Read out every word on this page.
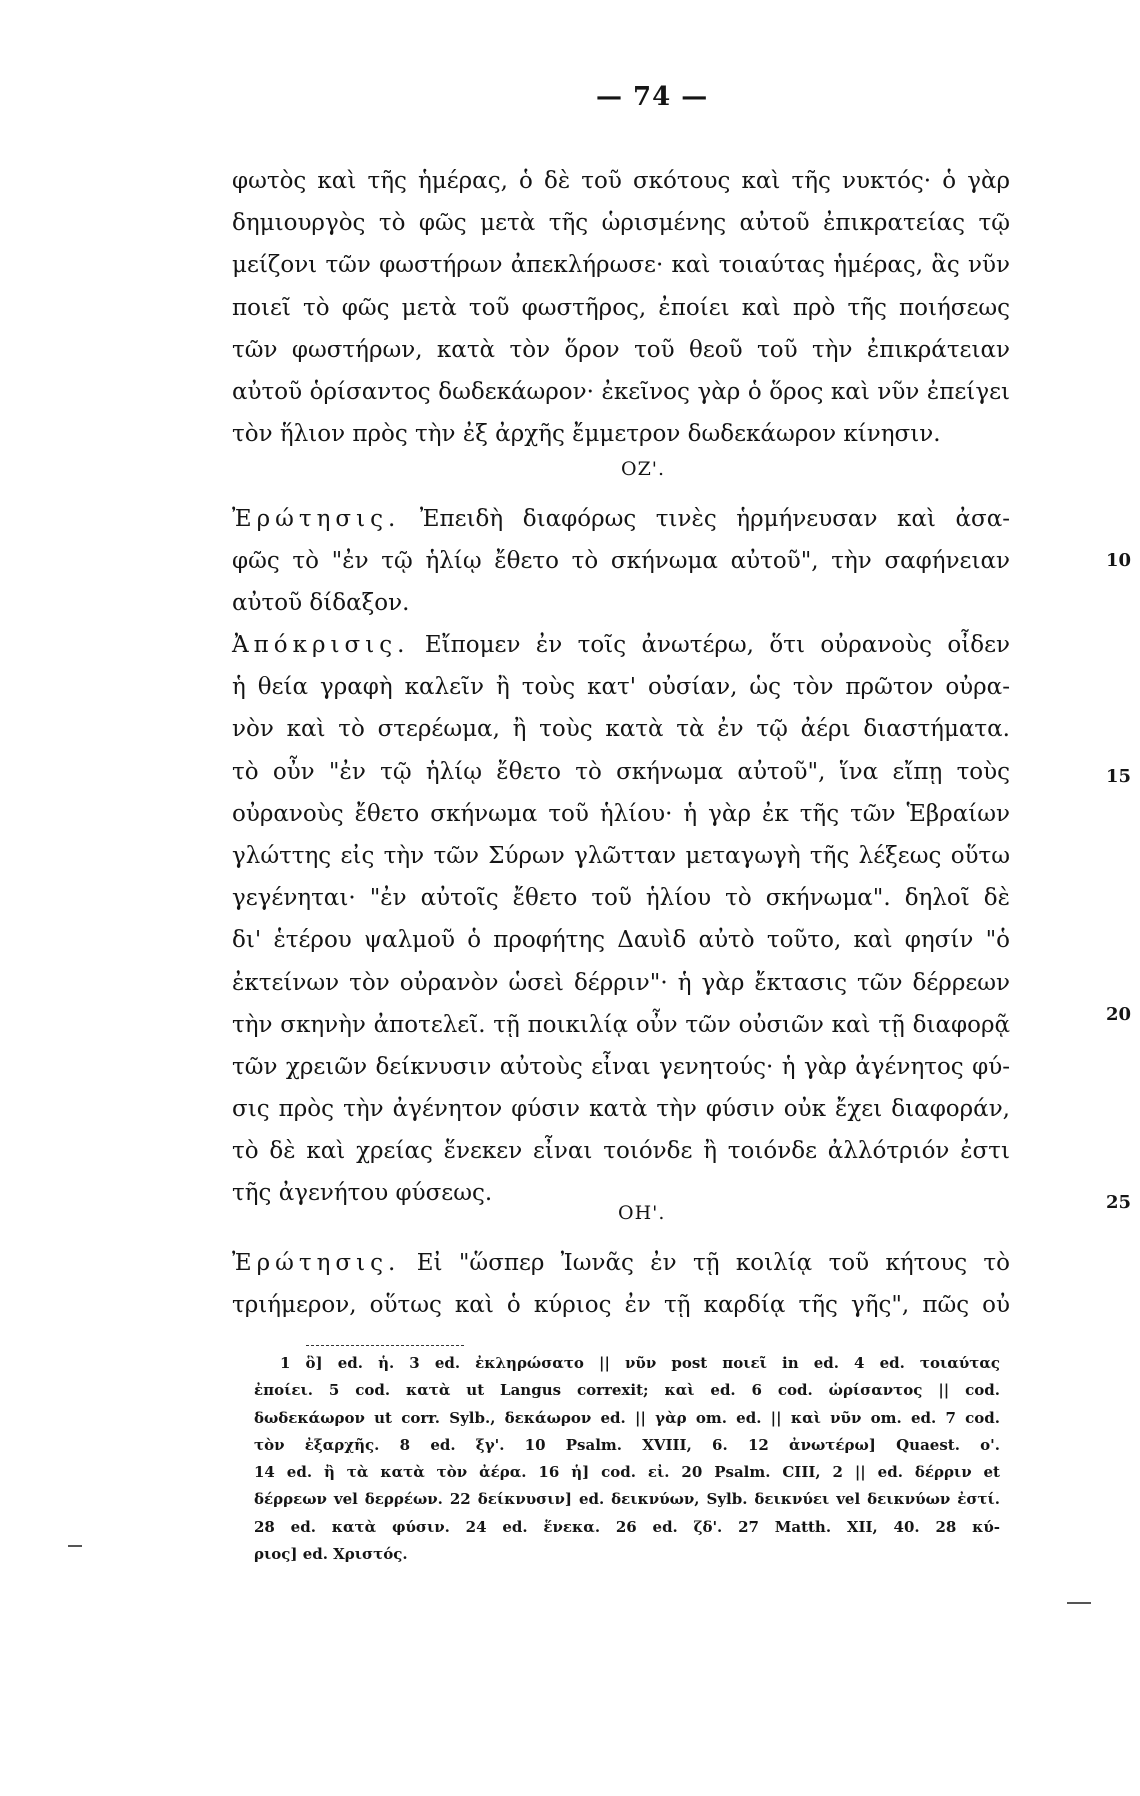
— 74 —
φωτὸς καὶ τῆς ἡμέρας, ὁ δὲ τοῦ σκότους καὶ τῆς νυκτός· ὁ γὰρ
δημιουργὸς τὸ φῶς μετὰ τῆς ὡρισμένης αὐτοῦ ἐπικρατείας τῷ
μείζονι τῶν φωστήρων ἀπεκλήρωσε· καὶ τοιαύτας ἡμέρας, ἃς νῦν
ποιεῖ τὸ φῶς μετὰ τοῦ φωστῆρος, ἐποίει καὶ πρὸ τῆς ποιήσεως
τῶν φωστήρων, κατὰ τὸν ὅρον τοῦ θεοῦ τοῦ τὴν ἐπικράτειαν
αὐτοῦ ὁρίσαντος δωδεκάωρον· ἐκεῖνος γὰρ ὁ ὅρος καὶ νῦν ἐπείγει
τὸν ἥλιον πρὸς τὴν ἐξ ἀρχῆς ἔμμετρον δωδεκάωρον κίνησιν.
ΟΖ'.
Ἐρώτησις. Ἐπειδὴ διαφόρως τινὲς ἡρμήνευσαν καὶ ἀσα-
φῶς τὸ "ἐν τῷ ἡλίῳ ἔθετο τὸ σκήνωμα αὐτοῦ", τὴν σαφήνειαν
αὐτοῦ δίδαξον.
Ἀπόκρισις. Εἴπομεν ἐν τοῖς ἀνωτέρω, ὅτι οὐρανοὺς οἶδεν
ἡ θεία γραφὴ καλεῖν ἢ τοὺς κατ' οὐσίαν, ὡς τὸν πρῶτον οὐρα-
νὸν καὶ τὸ στερέωμα, ἢ τοὺς κατὰ τὰ ἐν τῷ ἀέρι διαστήματα.
τὸ οὖν "ἐν τῷ ἡλίῳ ἔθετο τὸ σκήνωμα αὐτοῦ", ἵνα εἴπῃ τοὺς
οὐρανοὺς ἔθετο σκήνωμα τοῦ ἡλίου· ἡ γὰρ ἐκ τῆς τῶν Ἑβραίων
γλώττης εἰς τὴν τῶν Σύρων γλῶτταν μεταγωγὴ τῆς λέξεως οὕτω
γεγένηται· "ἐν αὐτοῖς ἔθετο τοῦ ἡλίου τὸ σκήνωμα". δηλοῖ δὲ
δι' ἑτέρου ψαλμοῦ ὁ προφήτης Δαυὶδ αὐτὸ τοῦτο, καὶ φησίν "ὁ
ἐκτείνων τὸν οὐρανὸν ὡσεὶ δέρριν"· ἡ γὰρ ἔκτασις τῶν δέρρεων
τὴν σκηνὴν ἀποτελεῖ. τῇ ποικιλίᾳ οὖν τῶν οὐσιῶν καὶ τῇ διαφορᾷ
τῶν χρειῶν δείκνυσιν αὐτοὺς εἶναι γενητούς· ἡ γὰρ ἀγένητος φύ-
σις πρὸς τὴν ἀγένητον φύσιν κατὰ τὴν φύσιν οὐκ ἔχει διαφοράν,
τὸ δὲ καὶ χρείας ἕνεκεν εἶναι τοιόνδε ἢ τοιόνδε ἀλλότριόν ἐστι
τῆς ἀγενήτου φύσεως.
ΟΗ'.
Ἐρώτησις. Εἰ "ὥσπερ Ἰωνᾶς ἐν τῇ κοιλίᾳ τοῦ κήτους τὸ
τριήμερον, οὕτως καὶ ὁ κύριος ἐν τῇ καρδίᾳ τῆς γῆς", πῶς οὐ
10
15
20
25
1 ὃ] ed. ἡ. 3 ed. ἐκληρώσατο || νῦν post ποιεῖ in ed. 4 ed. τοιαύτας
ἐποίει. 5 cod. κατὰ ut Langus correxit; καὶ ed. 6 cod. ὡρίσαντος || cod.
δωδεκάωρον ut corr. Sylb., δεκάωρον ed. || γὰρ om. ed. || καὶ νῦν om. ed. 7 cod.
τὸν ἐξαρχῆς. 8 ed. ξγ'. 10 Psalm. XVIII, 6. 12 ἀνωτέρω] Quaest. ο'.
14 ed. ἢ τὰ κατὰ τὸν ἀέρα. 16 ἡ] cod. εἰ. 20 Psalm. CIII, 2 || ed. δέρριν et
δέρρεων vel δερρέων. 22 δείκνυσιν] ed. δεικνύων, Sylb. δεικνύει vel δεικνύων ἐστί.
28 ed. κατὰ φύσιν. 24 ed. ἕνεκα. 26 ed. ζδ'. 27 Matth. XII, 40. 28 κύ-
ριος] ed. Χριστός.
